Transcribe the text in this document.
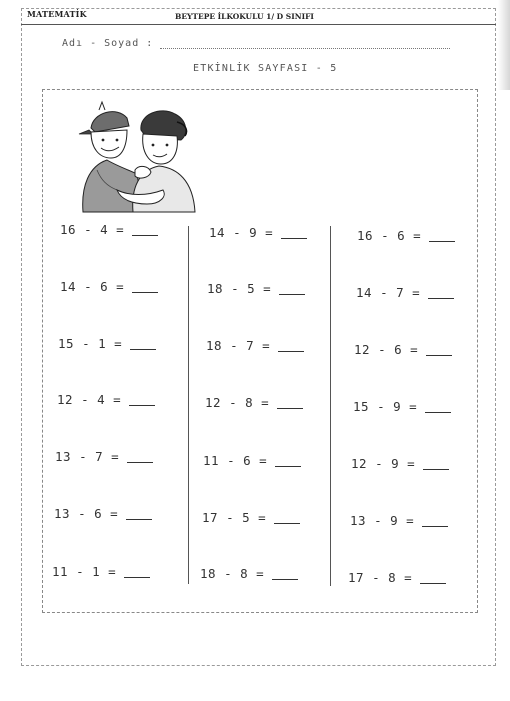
MATEMATİK	BEYTEPE İLKOKULU 1/ D SINIFI
Adı - Soyad :
ETKİNLİK SAYFASI - 5
16 - 4 =
14 - 6 =
15 - 1 =
12 - 4 =
13 - 7 =
13 - 6 =
11 - 1 =
14 - 9 =
18 - 5 =
18 - 7 =
12 - 8 =
11 - 6 =
17 - 5 =
18 - 8 =
16 - 6 =
14 - 7 =
12 - 6 =
15 - 9 =
12 - 9 =
13 - 9 =
17 - 8 =
